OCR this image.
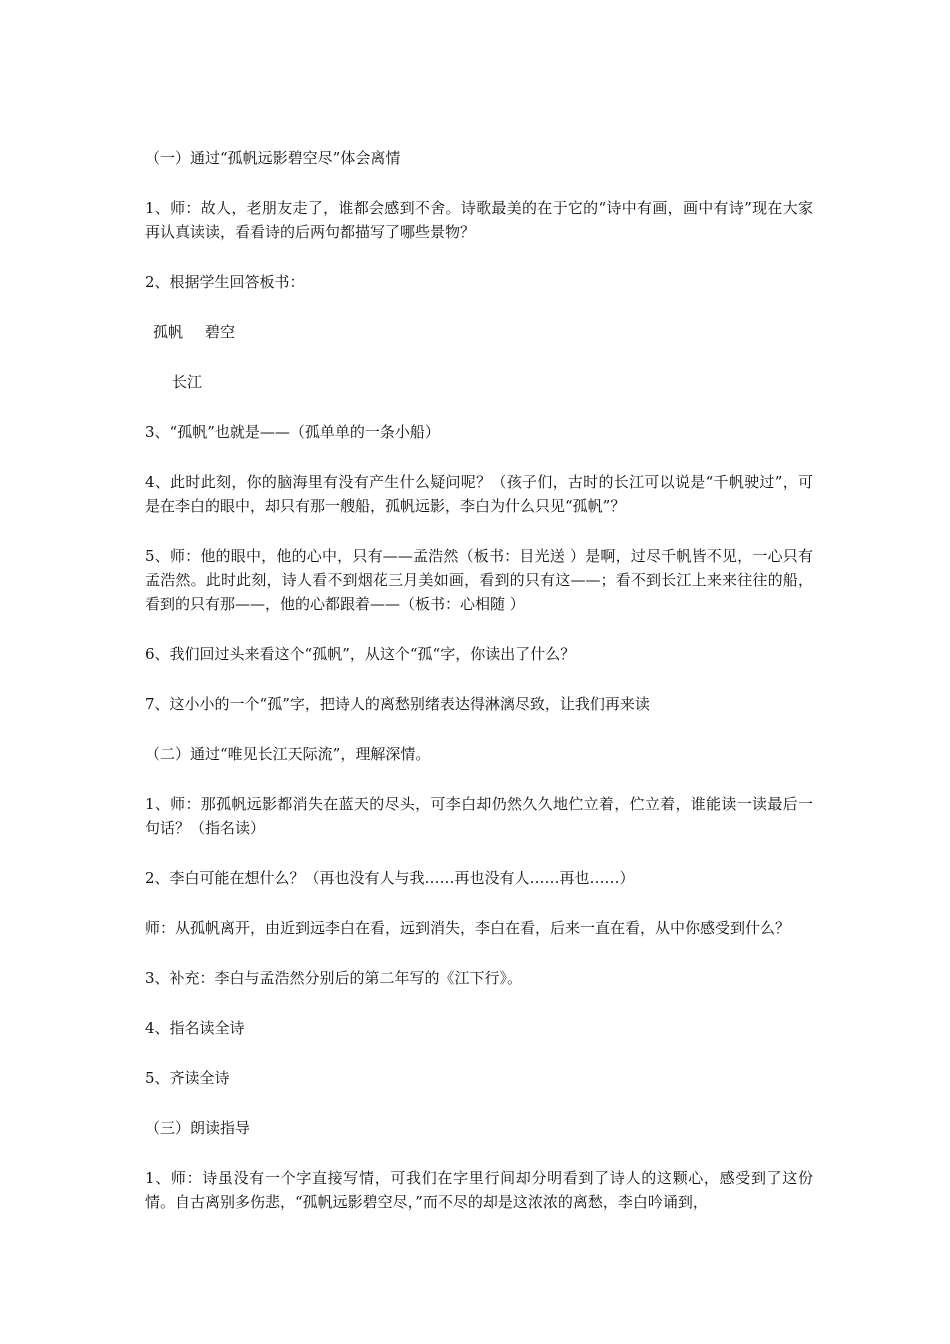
（一）通过“孤帆远影碧空尽”体会离情

1、师：故人，老朋友走了，谁都会感到不舍。诗歌最美的在于它的“诗中有画，画中有诗”现在大家再认真读读，看看诗的后两句都描写了哪些景物？

2、根据学生回答板书：

孤帆 碧空
长江

3、“孤帆”也就是——（孤单单的一条小船）

4、此时此刻，你的脑海里有没有产生什么疑问呢？（孩子们，古时的长江可以说是“千帆驶过”，可是在李白的眼中，却只有那一艘船，孤帆远影，李白为什么只见“孤帆”？

5、师：他的眼中，他的心中，只有——孟浩然（板书：目光送 ）是啊，过尽千帆皆不见，一心只有孟浩然。此时此刻，诗人看不到烟花三月美如画，看到的只有这——；看不到长江上来来往往的船，看到的只有那——，他的心都跟着——（板书：心相随 ）

6、我们回过头来看这个“孤帆”，从这个“孤“字，你读出了什么？

7、这小小的一个“孤”字，把诗人的离愁别绪表达得淋漓尽致，让我们再来读

（二）通过“唯见长江天际流”，理解深情。

1、师：那孤帆远影都消失在蓝天的尽头，可李白却仍然久久地伫立着，伫立着，谁能读一读最后一句话？（指名读）

2、李白可能在想什么？（再也没有人与我……再也没有人……再也……）

师：从孤帆离开，由近到远李白在看，远到消失，李白在看，后来一直在看，从中你感受到什么？

3、补充：李白与孟浩然分别后的第二年写的《江下行》。

4、指名读全诗

5、齐读全诗

（三）朗读指导

1、师：诗虽没有一个字直接写情，可我们在字里行间却分明看到了诗人的这颗心，感受到了这份情。自古离别多伤悲，“孤帆远影碧空尽，”而不尽的却是这浓浓的离愁，李白吟诵到，
